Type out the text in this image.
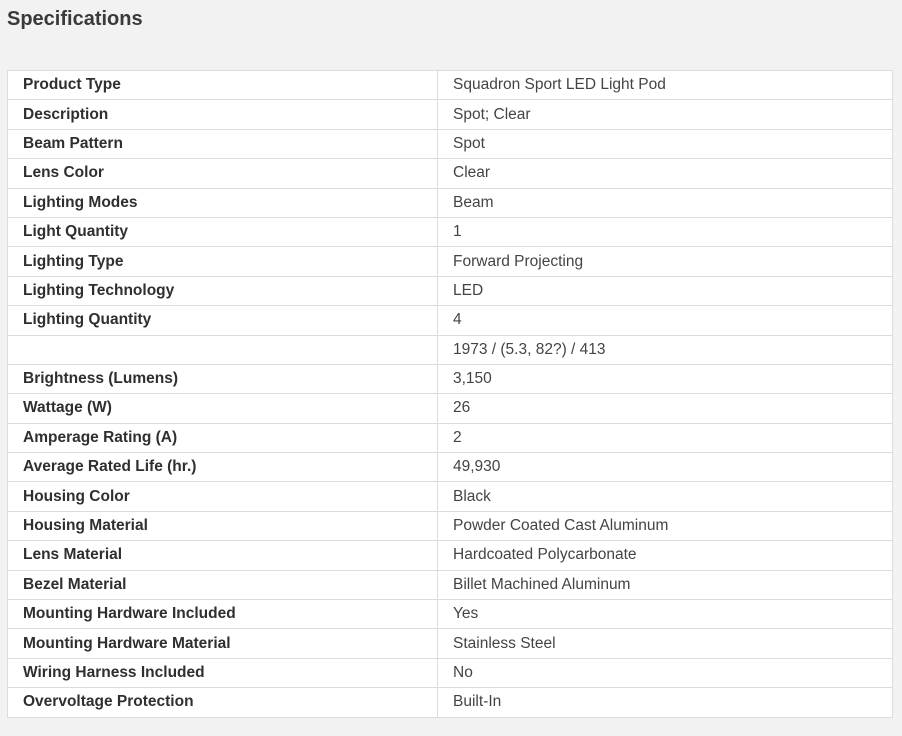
Specifications
Product Type	Squadron Sport LED Light Pod
Description	Spot; Clear
Beam Pattern	Spot
Lens Color	Clear
Lighting Modes	Beam
Light Quantity	1
Lighting Type	Forward Projecting
Lighting Technology	LED
Lighting Quantity	4
	1973 / (5.3, 82?) / 413
Brightness (Lumens)	3,150
Wattage (W)	26
Amperage Rating (A)	2
Average Rated Life (hr.)	49,930
Housing Color	Black
Housing Material	Powder Coated Cast Aluminum
Lens Material	Hardcoated Polycarbonate
Bezel Material	Billet Machined Aluminum
Mounting Hardware Included	Yes
Mounting Hardware Material	Stainless Steel
Wiring Harness Included	No
Overvoltage Protection	Built-In
